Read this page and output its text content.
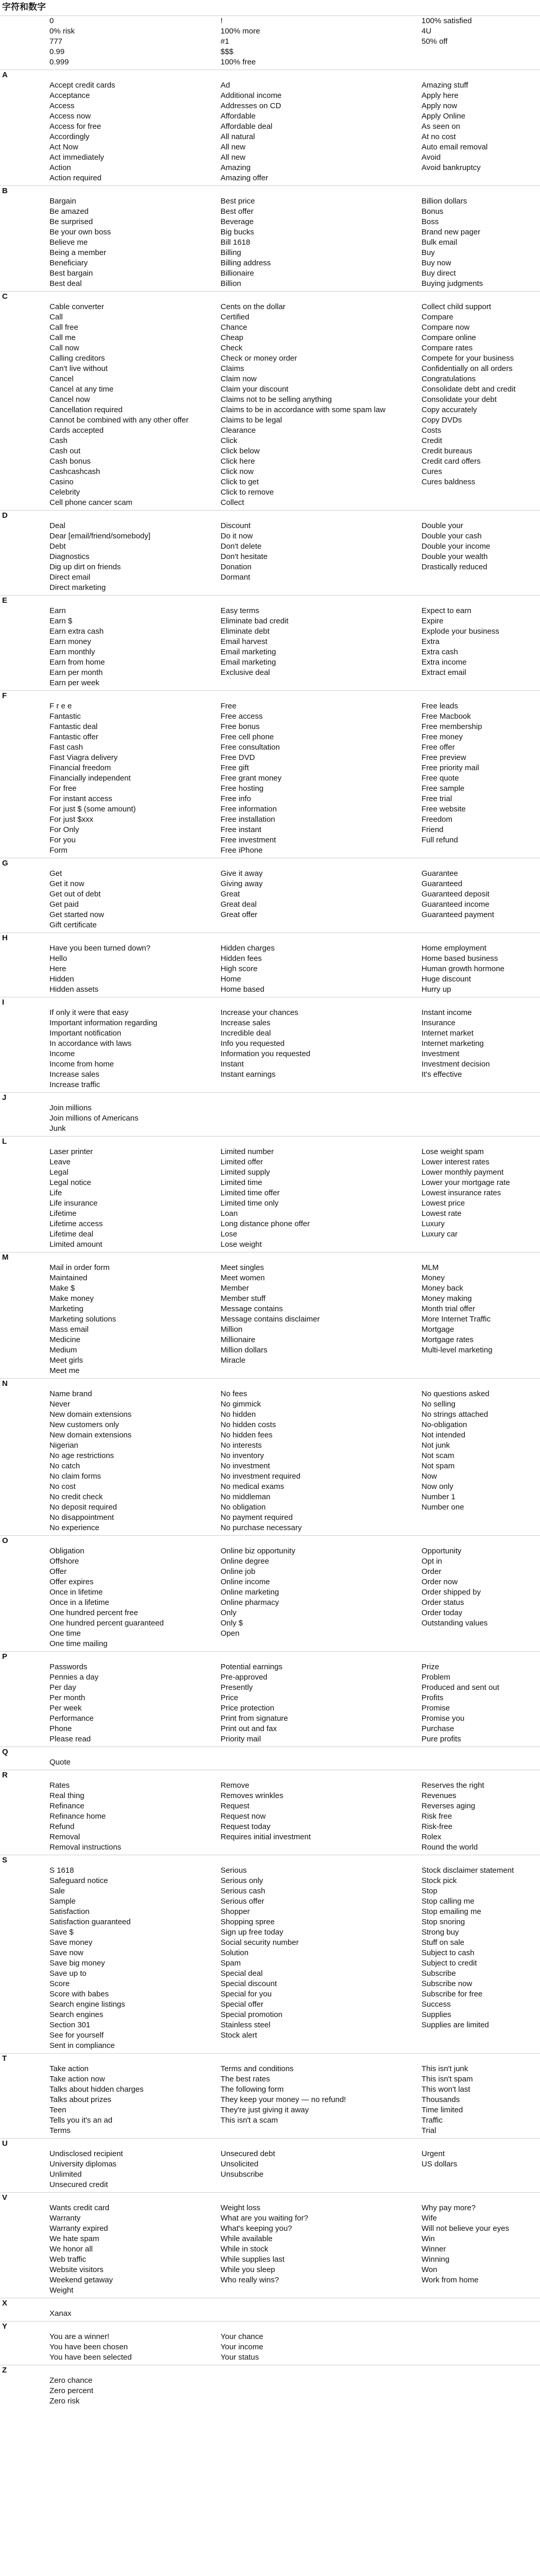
字符和数字
0	!	100% satisfied
0% risk	100% more	4U
777	#1	50% off
0.99	$$$
0.999	100% free
A
Accept credit cards	Ad	Amazing stuff
Acceptance	Additional income	Apply here
Access	Addresses on CD	Apply now
Access now	Affordable	Apply Online
Access for free	Affordable deal	As seen on
Accordingly	All natural	At no cost
Act Now	All new	Auto email removal
Act immediately	All new	Avoid
Action	Amazing	Avoid bankruptcy
Action required	Amazing offer
B
Bargain	Best price	Billion dollars
Be amazed	Best offer	Bonus
Be surprised	Beverage	Boss
Be your own boss	Big bucks	Brand new pager
Believe me	Bill 1618	Bulk email
Being a member	Billing	Buy
Beneficiary	Billing address	Buy now
Best bargain	Billionaire	Buy direct
Best deal	Billion	Buying judgments
C
Cable converter	Cents on the dollar	Collect child support
Call	Certified	Compare
Call free	Chance	Compare now
Call me	Cheap	Compare online
Call now	Check	Compare rates
Calling creditors	Check or money order	Compete for your business
Can't live without	Claims	Confidentially on all orders
Cancel	Claim now	Congratulations
Cancel at any time	Claim your discount	Consolidate debt and credit
Cancel now	Claims not to be selling anything	Consolidate your debt
Cancellation required	Claims to be in accordance with some spam law	Copy accurately
Cannot be combined with any other offer	Claims to be legal	Copy DVDs
Cards accepted	Clearance	Costs
Cash	Click	Credit
Cash out	Click below	Credit bureaus
Cash bonus	Click here	Credit card offers
Cashcashcash	Click now	Cures
Casino	Click to get	Cures baldness
Celebrity	Click to remove
Cell phone cancer scam	Collect
D
Deal	Discount	Double your
Dear [email/friend/somebody]	Do it now	Double your cash
Debt	Don't delete	Double your income
Diagnostics	Don't hesitate	Double your wealth
Dig up dirt on friends	Donation	Drastically reduced
Direct email	Dormant
Direct marketing
E
Earn	Easy terms	Expect to earn
Earn $	Eliminate bad credit	Expire
Earn extra cash	Eliminate debt	Explode your business
Earn money	Email harvest	Extra
Earn monthly	Email marketing	Extra cash
Earn from home	Email marketing	Extra income
Earn per month	Exclusive deal	Extract email
Earn per week
F
F r e e	Free	Free leads
Fantastic	Free access	Free Macbook
Fantastic deal	Free bonus	Free membership
Fantastic offer	Free cell phone	Free money
Fast cash	Free consultation	Free offer
Fast Viagra delivery	Free DVD	Free preview
Financial freedom	Free gift	Free priority mail
Financially independent	Free grant money	Free quote
For free	Free hosting	Free sample
For instant access	Free info	Free trial
For just $ (some amount)	Free information	Free website
For just $xxx	Free installation	Freedom
For Only	Free instant	Friend
For you	Free investment	Full refund
Form	Free iPhone
G
Get	Give it away	Guarantee
Get it now	Giving away	Guaranteed
Get out of debt	Great	Guaranteed deposit
Get paid	Great deal	Guaranteed income
Get started now	Great offer	Guaranteed payment
Gift certificate
H
Have you been turned down?	Hidden charges	Home employment
Hello	Hidden fees	Home based business
Here	High score	Human growth hormone
Hidden	Home	Huge discount
Hidden assets	Home based	Hurry up
I
If only it were that easy	Increase your chances	Instant income
Important information regarding	Increase sales	Insurance
Important notification	Incredible deal	Internet market
In accordance with laws	Info you requested	Internet marketing
Income	Information you requested	Investment
Income from home	Instant	Investment decision
Increase sales	Instant earnings	It's effective
Increase traffic
J
Join millions
Join millions of Americans
Junk
L
Laser printer	Limited number	Lose weight spam
Leave	Limited offer	Lower interest rates
Legal	Limited supply	Lower monthly payment
Legal notice	Limited time	Lower your mortgage rate
Life	Limited time offer	Lowest insurance rates
Life insurance	Limited time only	Lowest price
Lifetime	Loan	Lowest rate
Lifetime access	Long distance phone offer	Luxury
Lifetime deal	Lose	Luxury car
Limited amount	Lose weight
M
Mail in order form	Meet singles	MLM
Maintained	Meet women	Money
Make $	Member	Money back
Make money	Member stuff	Money making
Marketing	Message contains	Month trial offer
Marketing solutions	Message contains disclaimer	More Internet Traffic
Mass email	Million	Mortgage
Medicine	Millionaire	Mortgage rates
Medium	Million dollars	Multi-level marketing
Meet girls	Miracle
Meet me
N
Name brand	No fees	No questions asked
Never	No gimmick	No selling
New domain extensions	No hidden	No strings attached
New customers only	No hidden costs	No-obligation
New domain extensions	No hidden fees	Not intended
Nigerian	No interests	Not junk
No age restrictions	No inventory	Not scam
No catch	No investment	Not spam
No claim forms	No investment required	Now
No cost	No medical exams	Now only
No credit check	No middleman	Number 1
No deposit required	No obligation	Number one
No disappointment	No payment required
No experience	No purchase necessary
O
Obligation	Online biz opportunity	Opportunity
Offshore	Online degree	Opt in
Offer	Online job	Order
Offer expires	Online income	Order now
Once in lifetime	Online marketing	Order shipped by
Once in a lifetime	Online pharmacy	Order status
One hundred percent free	Only	Order today
One hundred percent guaranteed	Only $	Outstanding values
One time	Open
One time mailing
P
Passwords	Potential earnings	Prize
Pennies a day	Pre-approved	Problem
Per day	Presently	Produced and sent out
Per month	Price	Profits
Per week	Price protection	Promise
Performance	Print from signature	Promise you
Phone	Print out and fax	Purchase
Please read	Priority mail	Pure profits
Q
Quote
R
Rates	Remove	Reserves the right
Real thing	Removes wrinkles	Revenues
Refinance	Request	Reverses aging
Refinance home	Request now	Risk free
Refund	Request today	Risk-free
Removal	Requires initial investment	Rolex
Removal instructions	Round the world
S
S 1618	Serious	Stock disclaimer statement
Safeguard notice	Serious only	Stock pick
Sale	Serious cash	Stop
Sample	Serious offer	Stop calling me
Satisfaction	Shopper	Stop emailing me
Satisfaction guaranteed	Shopping spree	Stop snoring
Save $	Sign up free today	Strong buy
Save money	Social security number	Stuff on sale
Save now	Solution	Subject to cash
Save big money	Spam	Subject to credit
Save up to	Special deal	Subscribe
Score	Special discount	Subscribe now
Score with babes	Special for you	Subscribe for free
Search engine listings	Special offer	Success
Search engines	Special promotion	Supplies
Section 301	Stainless steel	Supplies are limited
See for yourself	Stock alert
Sent in compliance
T
Take action	Terms and conditions	This isn't junk
Take action now	The best rates	This isn't spam
Talks about hidden charges	The following form	This won't last
Talks about prizes	They keep your money — no refund!	Thousands
Teen	They're just giving it away	Time limited
Tells you it's an ad	This isn't a scam	Traffic
Terms	Trial
U
Undisclosed recipient	Unsecured debt	Urgent
University diplomas	Unsolicited	US dollars
Unlimited	Unsubscribe
Unsecured credit
V
Wants credit card	Weight loss	Why pay more?
Warranty	What are you waiting for?	Wife
Warranty expired	What's keeping you?	Will not believe your eyes
We hate spam	While available	Win
We honor all	While in stock	Winner
Web traffic	While supplies last	Winning
Website visitors	While you sleep	Won
Weekend getaway	Who really wins?	Work from home
Weight
X
Xanax
Y
You are a winner!	Your chance
You have been chosen	Your income
You have been selected	Your status
Z
Zero chance
Zero percent
Zero risk
